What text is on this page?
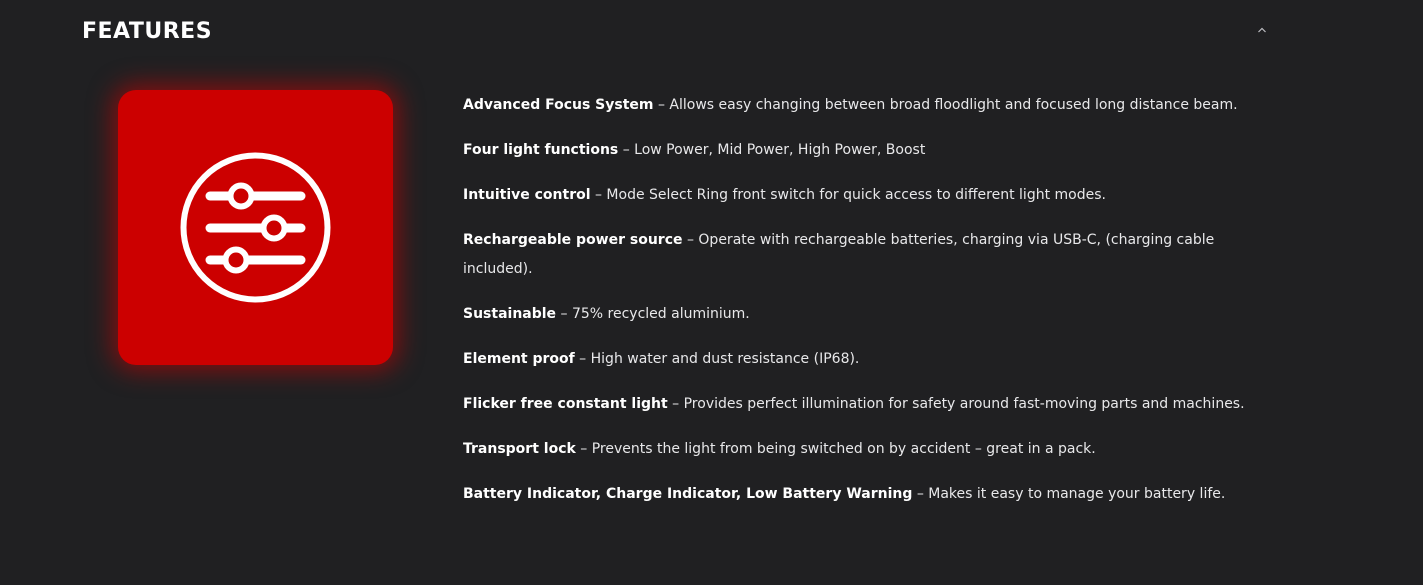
FEATURES
Advanced Focus System – Allows easy changing between broad floodlight and focused long distance beam.
Four light functions – Low Power, Mid Power, High Power, Boost
Intuitive control – Mode Select Ring front switch for quick access to different light modes.
Rechargeable power source – Operate with rechargeable batteries, charging via USB-C, (charging cable included).
Sustainable – 75% recycled aluminium.
Element proof – High water and dust resistance (IP68).
Flicker free constant light – Provides perfect illumination for safety around fast-moving parts and machines.
Transport lock – Prevents the light from being switched on by accident – great in a pack.
Battery Indicator, Charge Indicator, Low Battery Warning – Makes it easy to manage your battery life.
